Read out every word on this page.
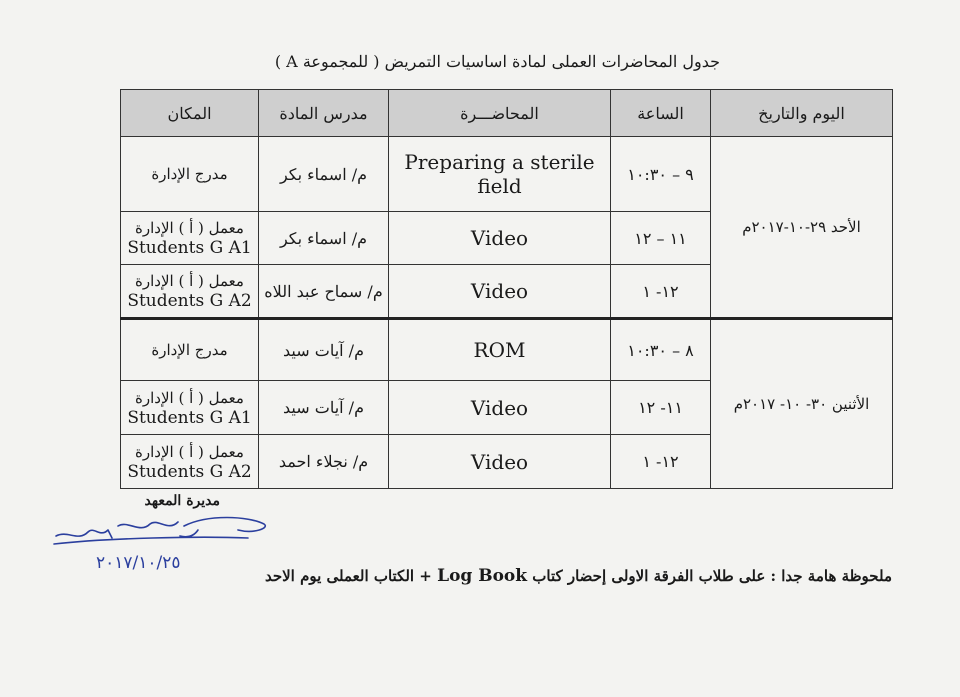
جدول المحاضرات العملى لمادة اساسيات التمريض ( للمجموعة A )
اليوم والتاريخ	الساعة	المحاضـــرة	مدرس المادة	المكان
الأحد ٢٩-١٠-٢٠١٧م	٩ – ١٠:٣٠	Preparing a sterile field	م/ اسماء بكر	مدرج الإدارة

	١١ – ١٢	Video	م/ اسماء بكر	معمل ( أ ) الإدارة
Students G A1

	١٢- ١	Video	م/ سماح عبد اللاه	معمل ( أ ) الإدارة
Students G A2

الأثنين ٣٠- ١٠- ٢٠١٧م	٨ – ١٠:٣٠	ROM	م/ آيات سيد	مدرج الإدارة

	١١- ١٢	Video	م/ آيات سيد	معمل ( أ ) الإدارة
Students G A1

	١٢- ١	Video	م/ نجلاء احمد	معمل ( أ ) الإدارة
Students G A2
مديرة المعهد
٢٠١٧/١٠/٢٥
ملحوظة هامة جدا : على طلاب الفرقة الاولى إحضار كتاب Log Book + الكتاب العملى يوم الاحد
